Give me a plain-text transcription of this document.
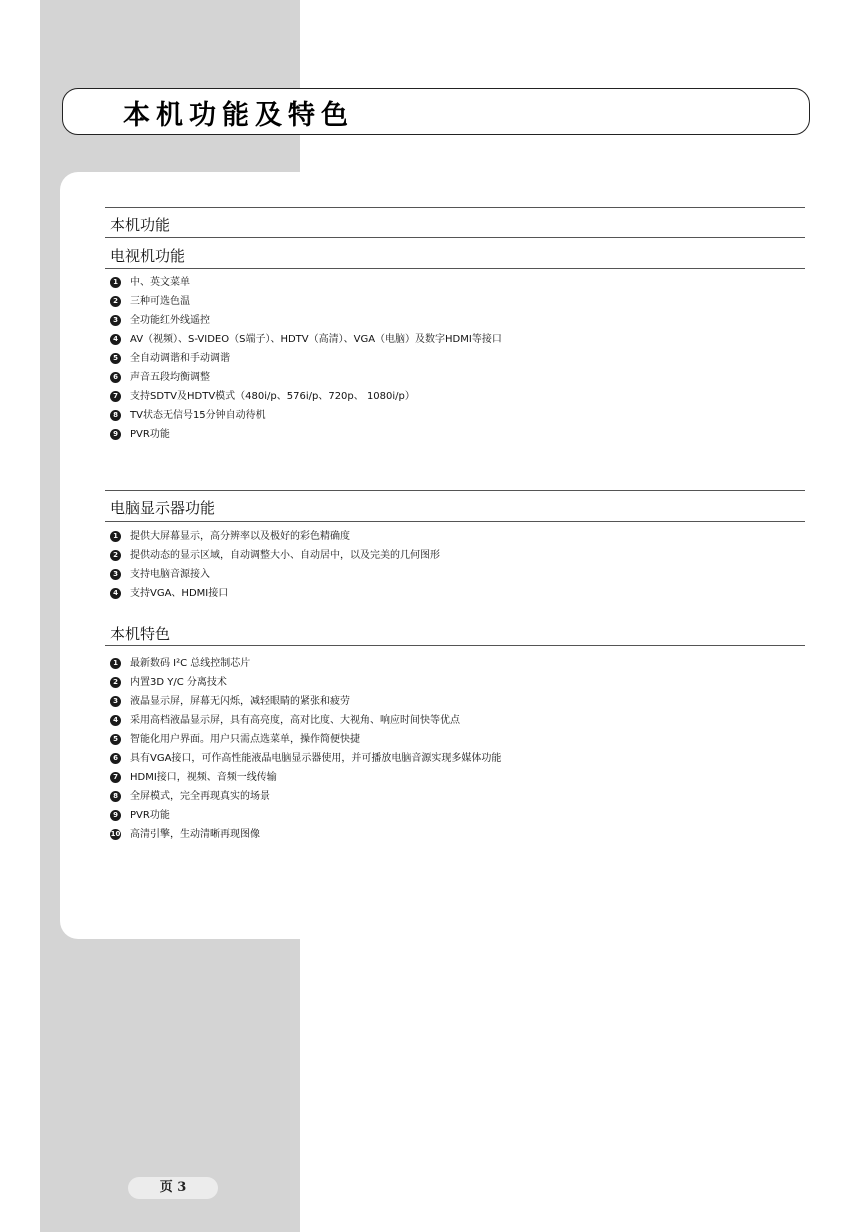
本机功能及特色
本机功能
电视机功能
1	中、英文菜单
2	三种可选色温
3	全功能红外线遥控
4	AV（视频）、S-VIDEO（S端子）、HDTV（高清）、VGA（电脑）及数字HDMI等接口
5	全自动调谐和手动调谐
6	声音五段均衡调整
7	支持SDTV及HDTV模式（480i/p、576i/p、720p、 1080i/p）
8	TV状态无信号15分钟自动待机
9	PVR功能
电脑显示器功能
1	提供大屏幕显示，高分辨率以及极好的彩色精确度
2	提供动态的显示区域，自动调整大小、自动居中，以及完美的几何图形
3	支持电脑音源接入
4	支持VGA、HDMI接口
本机特色
1	最新数码 I²C 总线控制芯片
2	内置3D Y/C 分离技术
3	液晶显示屏，屏幕无闪烁，减轻眼睛的紧张和疲劳
4	采用高档液晶显示屏，具有高亮度，高对比度、大视角、响应时间快等优点
5	智能化用户界面。用户只需点选菜单，操作简便快捷
6	具有VGA接口，可作高性能液晶电脑显示器使用，并可播放电脑音源实现多媒体功能
7	HDMI接口，视频、音频一线传输
8	全屏模式，完全再现真实的场景
9	PVR功能
10 高清引擎，生动清晰再现图像
页 3
